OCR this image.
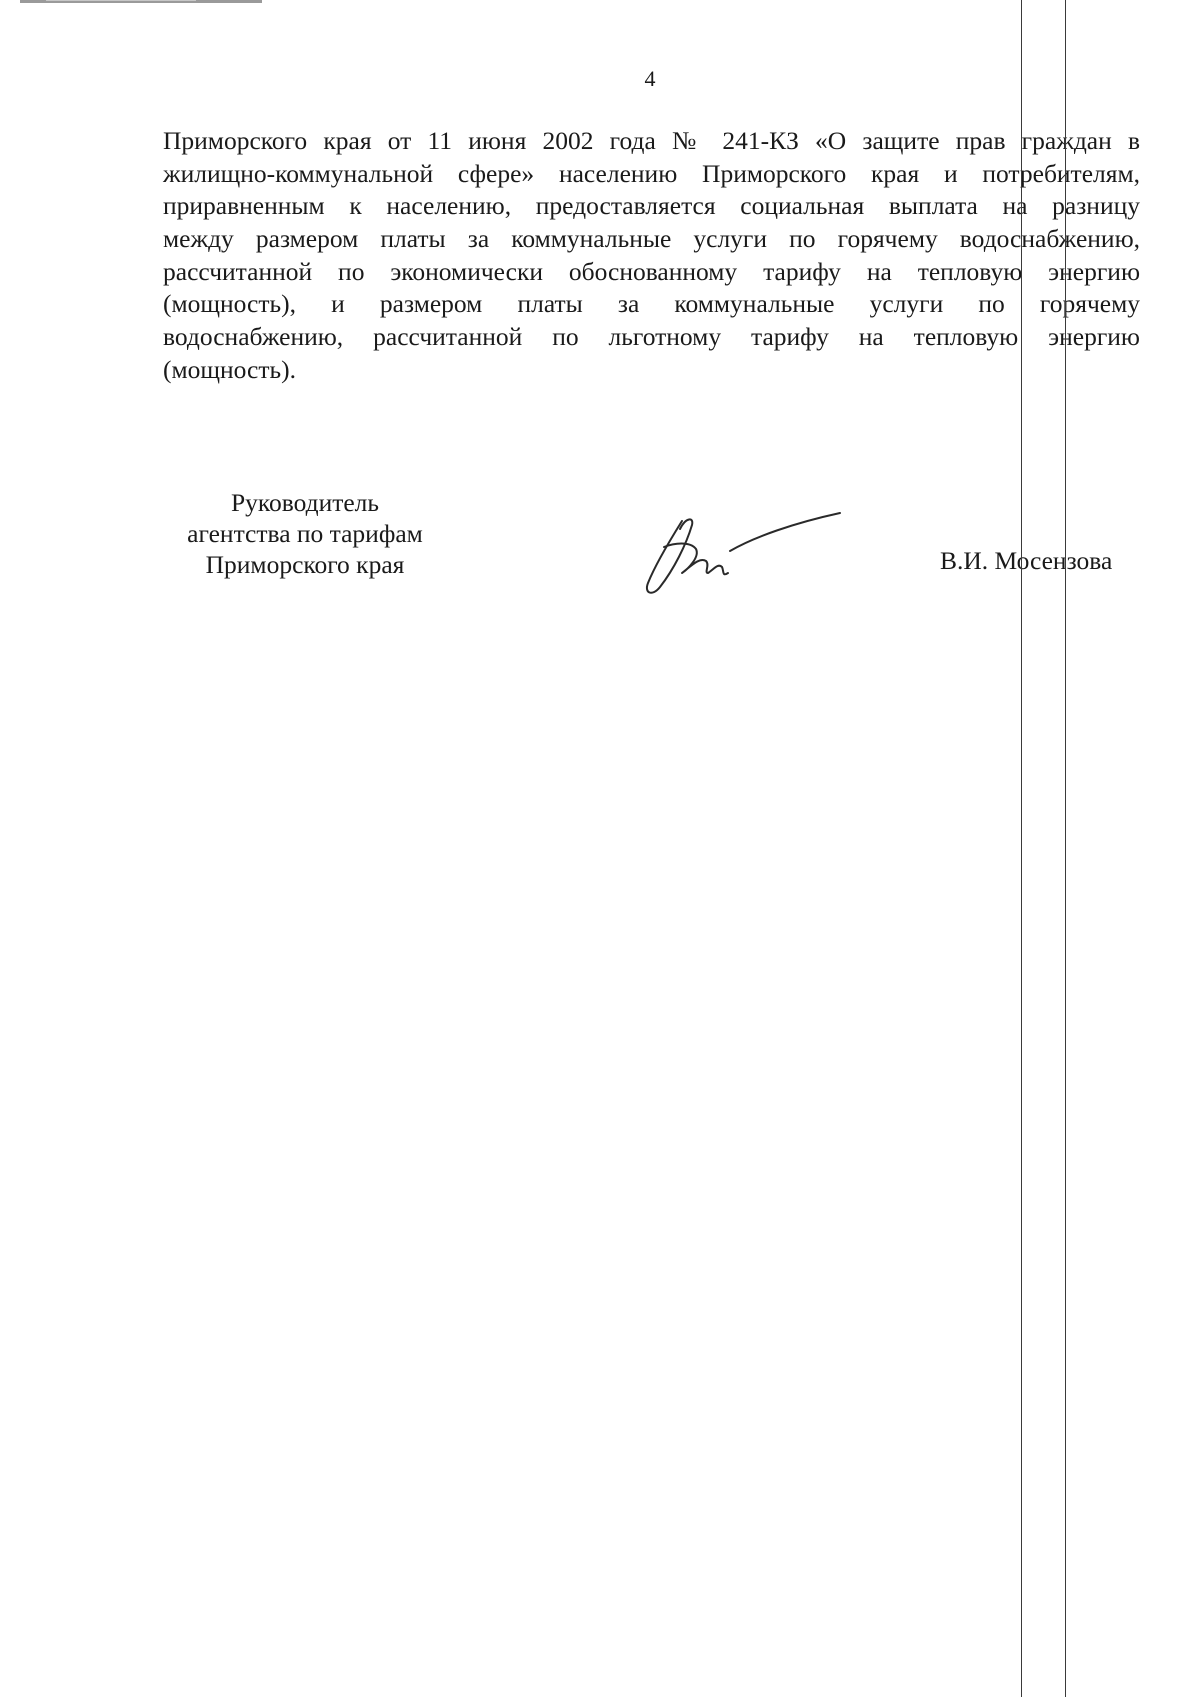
4
Приморского края от 11 июня 2002 года № 241-КЗ «О защите прав граждан в
жилищно-коммунальной сфере» населению Приморского края и потребителям,
приравненным к населению, предоставляется социальная выплата на разницу
между размером платы за коммунальные услуги по горячему водоснабжению,
рассчитанной по экономически обоснованному тарифу на тепловую энергию
(мощность), и размером платы за коммунальные услуги по горячему
водоснабжению, рассчитанной по льготному тарифу на тепловую энергию
(мощность).
Руководитель
агентства по тарифам
Приморского края	В.И. Мосензова
